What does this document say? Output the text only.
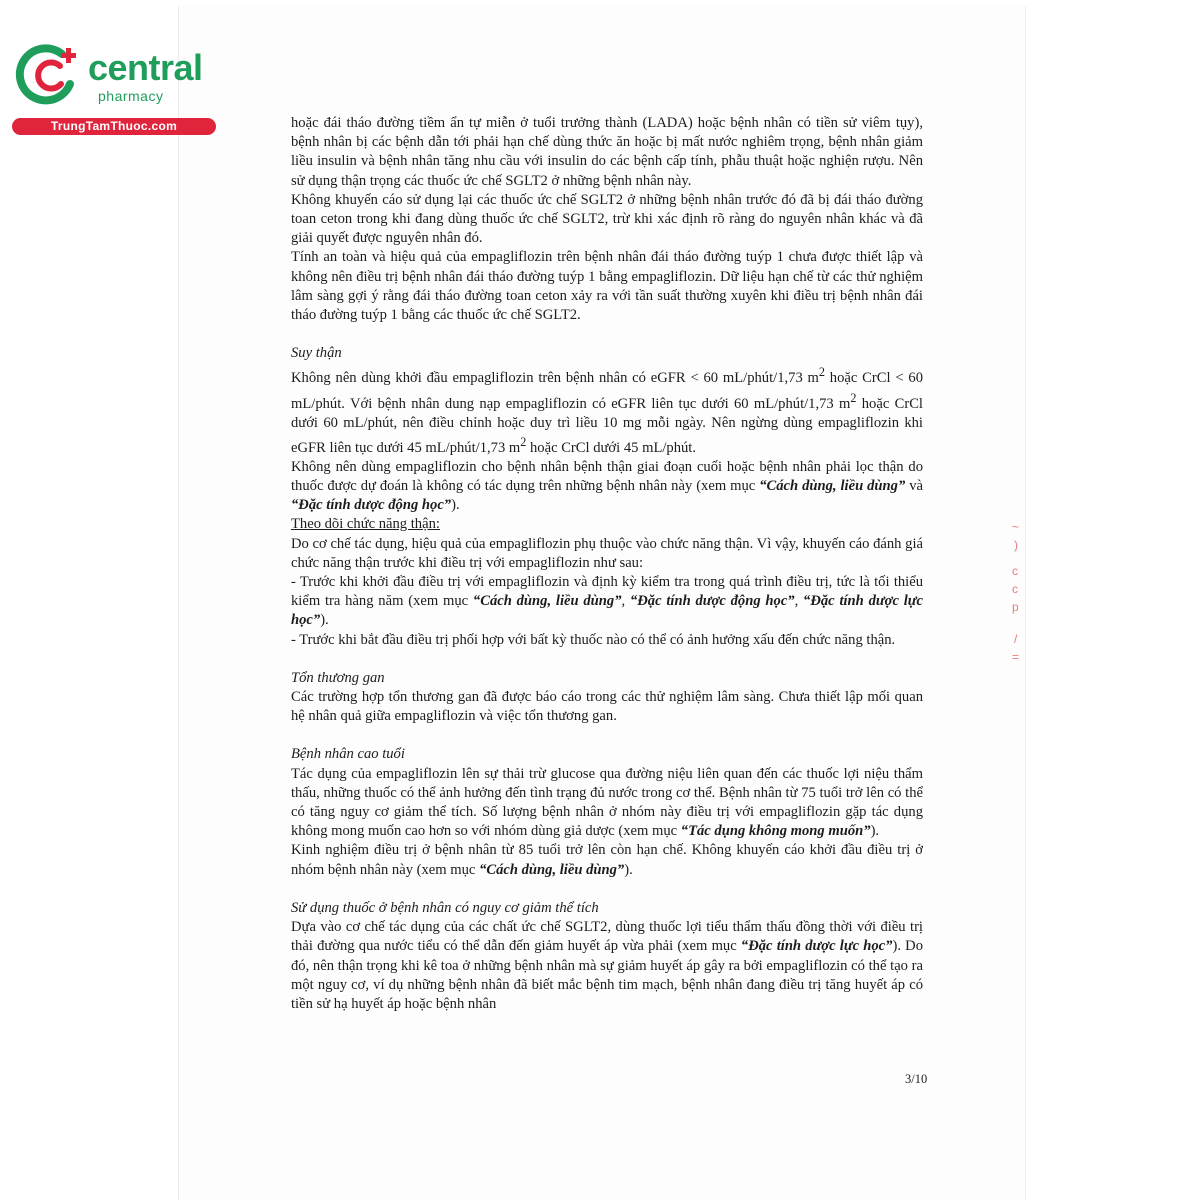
central
pharmacy
TrungTamThuoc.com	hoặc đái tháo đường tiềm ẩn tự miễn ở tuổi trưởng thành (LADA) hoặc bệnh nhân có tiền sử viêm tụy), bệnh nhân bị các bệnh dẫn tới phải hạn chế dùng thức ăn hoặc bị mất nước nghiêm trọng, bệnh nhân giảm liều insulin và bệnh nhân tăng nhu cầu với insulin do các bệnh cấp tính, phẫu thuật hoặc nghiện rượu. Nên sử dụng thận trọng các thuốc ức chế SGLT2 ở những bệnh nhân này.

Không khuyến cáo sử dụng lại các thuốc ức chế SGLT2 ở những bệnh nhân trước đó đã bị đái tháo đường toan ceton trong khi đang dùng thuốc ức chế SGLT2, trừ khi xác định rõ ràng do nguyên nhân khác và đã giải quyết được nguyên nhân đó.

Tính an toàn và hiệu quả của empagliflozin trên bệnh nhân đái tháo đường tuýp 1 chưa được thiết lập và không nên điều trị bệnh nhân đái tháo đường tuýp 1 bằng empagliflozin. Dữ liệu hạn chế từ các thử nghiệm lâm sàng gợi ý rằng đái tháo đường toan ceton xảy ra với tần suất thường xuyên khi điều trị bệnh nhân đái tháo đường tuýp 1 bằng các thuốc ức chế SGLT2.

Suy thận

Không nên dùng khởi đầu empagliflozin trên bệnh nhân có eGFR < 60 mL/phút/1,73 $m^2$ hoặc CrCl < 60 mL/phút. Với bệnh nhân dung nạp empagliflozin có eGFR liên tục dưới 60 mL/phút/1,73 $m^2$ hoặc CrCl dưới 60 mL/phút, nên điều chỉnh hoặc duy trì liều 10 mg mỗi ngày. Nên ngừng dùng empagliflozin khi eGFR liên tục dưới 45 mL/phút/1,73 $m^2$ hoặc CrCl dưới 45 mL/phút.

Không nên dùng empagliflozin cho bệnh nhân bệnh thận giai đoạn cuối hoặc bệnh nhân phải lọc thận do thuốc được dự đoán là không có tác dụng trên những bệnh nhân này (xem mục “Cách dùng, liều dùng” và “Đặc tính dược động học”).

Theo dõi chức năng thận:

Do cơ chế tác dụng, hiệu quả của empagliflozin phụ thuộc vào chức năng thận. Vì vậy, khuyến cáo đánh giá chức năng thận trước khi điều trị với empagliflozin như sau:

- Trước khi khởi đầu điều trị với empagliflozin và định kỳ kiểm tra trong quá trình điều trị, tức là tối thiểu kiểm tra hàng năm (xem mục “Cách dùng, liều dùng”, “Đặc tính dược động học”, “Đặc tính dược lực học”).

- Trước khi bắt đầu điều trị phối hợp với bất kỳ thuốc nào có thể có ảnh hưởng xấu đến chức năng thận.

Tổn thương gan

Các trường hợp tổn thương gan đã được báo cáo trong các thử nghiệm lâm sàng. Chưa thiết lập mối quan hệ nhân quả giữa empagliflozin và việc tổn thương gan.

Bệnh nhân cao tuổi

Tác dụng của empagliflozin lên sự thải trừ glucose qua đường niệu liên quan đến các thuốc lợi niệu thẩm thấu, những thuốc có thể ảnh hưởng đến tình trạng đủ nước trong cơ thể. Bệnh nhân từ 75 tuổi trở lên có thể có tăng nguy cơ giảm thể tích. Số lượng bệnh nhân ở nhóm này điều trị với empagliflozin gặp tác dụng không mong muốn cao hơn so với nhóm dùng giả dược (xem mục “Tác dụng không mong muốn”).

Kinh nghiệm điều trị ở bệnh nhân từ 85 tuổi trở lên còn hạn chế. Không khuyến cáo khởi đầu điều trị ở nhóm bệnh nhân này (xem mục “Cách dùng, liều dùng”).

Sử dụng thuốc ở bệnh nhân có nguy cơ giảm thể tích

Dựa vào cơ chế tác dụng của các chất ức chế SGLT2, dùng thuốc lợi tiểu thẩm thấu đồng thời với điều trị thải đường qua nước tiểu có thể dẫn đến giảm huyết áp vừa phải (xem mục “Đặc tính dược lực học”). Do đó, nên thận trọng khi kê toa ở những bệnh nhân mà sự giảm huyết áp gây ra bởi empagliflozin có thể tạo ra một nguy cơ, ví dụ những bệnh nhân đã biết mắc bệnh tim mạch, bệnh nhân đang điều trị tăng huyết áp có tiền sử hạ huyết áp hoặc bệnh nhân

3/10
~
)
c
c
p
/
=
